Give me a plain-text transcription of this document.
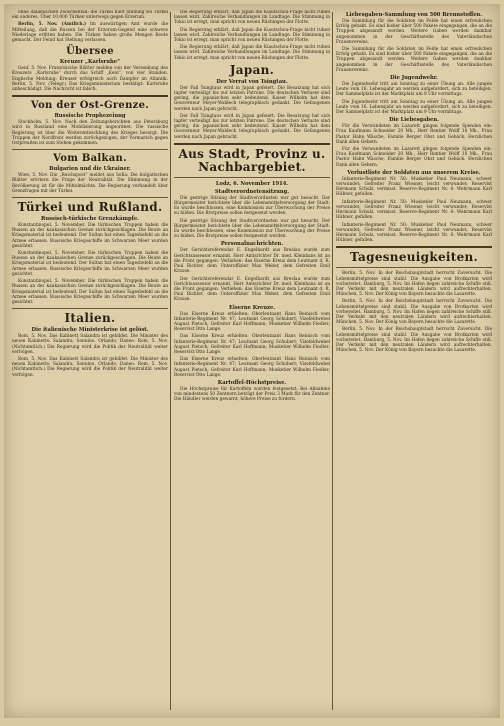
ohne italienischen Zwischenfall; die Türkei hielt Stellung sei Türkei ein anderes. Über 10.000 Türken unterwegs gegen Erzerum.

Berlin, 5. Nov. (Amtlich.) Im auswärtigen Amt wurde die Mitteilung, daß die Russen bei der Erzerum-Gegend eine schwere Niederlage erlitten haben. Die Türken haben große Mengen Beute gemacht. Der Feind hat Stellung verlassen.

Übersee
Kreuzer „Karlsruhe“

Genf, 5. Nov. Französische Blätter melden von der Versenkung des Kreuzers „Karlsruhe“ durch das Schiff „Kent“, von vier Stunden. Englische Meldung: Kreuzer erfolgreich auch Dampfer im Atlantik. Berlin, 5. Nov. (Telegr.) Das Kriegsministerium bestätigt: Karlsruhe unbeschädigt. Die Nachricht ist falsch.

Von der Ost-Grenze.
Russische Prophezeiung

Stockholm, 5. Nov. Nach den Zeitungsberichten aus Petersburg wird in Russland eine Mobilisierung angeordnet. Die russische Regierung ist über die Weiterentwicklung des Krieges besorgt. Die Truppen der Nordfront werden zurückgezogen, der Vormarsch gegen Ostpreußen ist zum Stehen gekommen.

Vom Balkan.
Bulgarien und die Ukrainer.

Wien, 5. Nov. Die „Reichspost“ meldet aus Sofia: Die bulgarischen Blätter erörtern die Frage der Neutralität. Die Stimmung in der Bevölkerung ist für die Mittelmächte. Die Regierung verhandelt über Grenzfragen mit der Türkei.

Türkei und Rußland.
Russisch-türkische Grenzkämpfe.

Konstantinopel, 5. November. Die türkischen Truppen haben die Russen an der kaukasischen Grenze zurückgeschlagen. Die Beute an Kriegsmaterial ist bedeutend. Der Sultan hat einen Tagesbefehl an die Armee erlassen. Russische Kriegsschiffe im Schwarzen Meer wurden gesichtet.

Konstantinopel, 5. November. Die türkischen Truppen haben die Russen an der kaukasischen Grenze zurückgeschlagen. Die Beute an Kriegsmaterial ist bedeutend. Der Sultan hat einen Tagesbefehl an die Armee erlassen. Russische Kriegsschiffe im Schwarzen Meer wurden gesichtet.

Konstantinopel, 5. November. Die türkischen Truppen haben die Russen an der kaukasischen Grenze zurückgeschlagen. Die Beute an Kriegsmaterial ist bedeutend. Der Sultan hat einen Tagesbefehl an die Armee erlassen. Russische Kriegsschiffe im Schwarzen Meer wurden gesichtet.

Italien.
Die italienische Ministerkrise ist gelöst.

Rom, 5. Nov. Das Kabinett Salandra ist gebildet. Die Minister des neuen Kabinetts: Salandra, Sonnino, Orlando, Daneo. Rom, 5. Nov. (Nichtamtlich.) Die Regierung wird die Politik der Neutralität weiter verfolgen.

Rom, 5. Nov. Das Kabinett Salandra ist gebildet. Die Minister des neuen Kabinetts: Salandra, Sonnino, Orlando, Daneo. Rom, 5. Nov. (Nichtamtlich.) Die Regierung wird die Politik der Neutralität weiter verfolgen.

Die Regierung erklärt, daß Japan die Kiautschou-Frage nicht ruhen lassen wird. Zahlreiche Verhandlungen im Landtage. Die Stimmung in Tokio ist erregt, man spricht von neuen Rüstungen der Flotte.

Die Regierung erklärt, daß Japan die Kiautschou-Frage nicht ruhen lassen wird. Zahlreiche Verhandlungen im Landtage. Die Stimmung in Tokio ist erregt, man spricht von neuen Rüstungen der Flotte.

Die Regierung erklärt, daß Japan die Kiautschou-Frage nicht ruhen lassen wird. Zahlreiche Verhandlungen im Landtage. Die Stimmung in Tokio ist erregt, man spricht von neuen Rüstungen der Flotte.

Japan.
Der Verrat von Tsingtau.

Der Fall Tsingtaus wird in Japan gefeiert. Die Besatzung hat sich tapfer verteidigt bis zur letzten Patrone. Die deutschen Verluste sind gering, die japanischen sehr bedeutend. Kaiser Wilhelm hat dem Gouverneur Meyer-Waldeck telegraphisch gedankt. Die Gefangenen werden nach Japan gebracht.

Der Fall Tsingtaus wird in Japan gefeiert. Die Besatzung hat sich tapfer verteidigt bis zur letzten Patrone. Die deutschen Verluste sind gering, die japanischen sehr bedeutend. Kaiser Wilhelm hat dem Gouverneur Meyer-Waldeck telegraphisch gedankt. Die Gefangenen werden nach Japan gebracht.

Aus Stadt, Provinz u. Nachbargebiet.
Lodz, 6. November 1914.
Stadtverordnetensitzung.

Die gestrige Sitzung der Stadtverordneten war gut besucht. Der Bürgermeister berichtete über die Lebensmittelversorgung der Stadt. Es wurde beschlossen, eine Kommission zur Überwachung der Preise zu bilden. Die Brotpreise sollen festgesetzt werden.

Die gestrige Sitzung der Stadtverordneten war gut besucht. Der Bürgermeister berichtete über die Lebensmittelversorgung der Stadt. Es wurde beschlossen, eine Kommission zur Überwachung der Preise zu bilden. Die Brotpreise sollen festgesetzt werden.

Personalnachrichten.

Der Gerichtsreferendar E. Engelhardt aus Breslau wurde zum Gerichtsassessor ernannt. Herr Amtsrichter Dr. med. Kleinhans ist an die Front gegangen. Verliehen: das Eiserne Kreuz dem Leutnant d. R. Paul Richter, dem Unteroffizier Max Weber, dem Gefreiten Emil Krause.

Der Gerichtsreferendar E. Engelhardt aus Breslau wurde zum Gerichtsassessor ernannt. Herr Amtsrichter Dr. med. Kleinhans ist an die Front gegangen. Verliehen: das Eiserne Kreuz dem Leutnant d. R. Paul Richter, dem Unteroffizier Max Weber, dem Gefreiten Emil Krause.

Eiserne Kreuze.

Das Eiserne Kreuz erhielten: Oberleutnant Hans Reinisch vom Infanterie-Regiment Nr. 47; Leutnant Georg Schubert; Vizefeldwebel August Pietsch; Gefreiter Karl Hoffmann; Musketier Wilhelm Fiedler; Reservist Otto Lange.

Das Eiserne Kreuz erhielten: Oberleutnant Hans Reinisch vom Infanterie-Regiment Nr. 47; Leutnant Georg Schubert; Vizefeldwebel August Pietsch; Gefreiter Karl Hoffmann; Musketier Wilhelm Fiedler; Reservist Otto Lange.

Das Eiserne Kreuz erhielten: Oberleutnant Hans Reinisch vom Infanterie-Regiment Nr. 47; Leutnant Georg Schubert; Vizefeldwebel August Pietsch; Gefreiter Karl Hoffmann; Musketier Wilhelm Fiedler; Reservist Otto Lange.

Kartoffel-Höchstpreise.

Die Höchstpreise für Kartoffeln wurden festgesetzt. Bei Abnahme von mindestens 50 Zentnern beträgt der Preis 3 Mark für den Zentner. Die Händler werden gewarnt, höhere Preise zu fordern.

Liebesgaben-Sammlung von 500 Brennstoffen.

Die Sammlung für die Soldaten im Felde hat einen erfreulichen Erfolg gehabt. Es sind bisher über 500 Pakete eingegangen, die an die Truppen abgesandt werden. Weitere Gaben werden dankbar angenommen in der Geschäftsstelle des Vaterländischen Frauenvereins.

Die Sammlung für die Soldaten im Felde hat einen erfreulichen Erfolg gehabt. Es sind bisher über 500 Pakete eingegangen, die an die Truppen abgesandt werden. Weitere Gaben werden dankbar angenommen in der Geschäftsstelle des Vaterländischen Frauenvereins.

Die Jugendwehr.

Die Jugendwehr tritt am Sonntag zu einer Übung an. Alle jungen Leute vom 16. Lebensjahr an werden aufgefordert, sich zu beteiligen. Der Sammelplatz ist der Marktplatz um 9 Uhr vormittags.

Die Jugendwehr tritt am Sonntag zu einer Übung an. Alle jungen Leute vom 16. Lebensjahr an werden aufgefordert, sich zu beteiligen. Der Sammelplatz ist der Marktplatz um 9 Uhr vormittags.

Die Liebesgaben.

Für die Verwundeten im Lazarett gingen folgende Spenden ein: Frau Kaufmann Schneider 20 Mk., Herr Rentier Wolff 10 Mk., Frau Pastor Hahn Wäsche, Familie Berger Obst und Gebäck. Herzlichen Dank allen Gebern.

Für die Verwundeten im Lazarett gingen folgende Spenden ein: Frau Kaufmann Schneider 20 Mk., Herr Rentier Wolff 10 Mk., Frau Pastor Hahn Wäsche, Familie Berger Obst und Gebäck. Herzlichen Dank allen Gebern.

Verlustliste der Soldaten aus unserem Kreise.

Infanterie-Regiment Nr. 50: Musketier Paul Neumann, schwer verwundet; Gefreiter Franz Wiesner, leicht verwundet; Reservist Hermann Schulz, vermisst. Reserve-Regiment Nr. 6: Wehrmann Karl Hübner, gefallen.

Infanterie-Regiment Nr. 50: Musketier Paul Neumann, schwer verwundet; Gefreiter Franz Wiesner, leicht verwundet; Reservist Hermann Schulz, vermisst. Reserve-Regiment Nr. 6: Wehrmann Karl Hübner, gefallen.

Infanterie-Regiment Nr. 50: Musketier Paul Neumann, schwer verwundet; Gefreiter Franz Wiesner, leicht verwundet; Reservist Hermann Schulz, vermisst. Reserve-Regiment Nr. 6: Wehrmann Karl Hübner, gefallen.

Tagesneuigkeiten.

Berlin, 5. Nov. In der Reichshauptstadt herrscht Zuversicht. Die Lebensmittelpreise sind stabil. Die Ausgabe von Brotkarten wird vorbereitet. Hamburg, 5. Nov. Im Hafen liegen zahlreiche Schiffe still. Der Verkehr mit den neutralen Ländern wird aufrechterhalten. München, 5. Nov. Der König von Bayern besuchte die Lazarette.

Berlin, 5. Nov. In der Reichshauptstadt herrscht Zuversicht. Die Lebensmittelpreise sind stabil. Die Ausgabe von Brotkarten wird vorbereitet. Hamburg, 5. Nov. Im Hafen liegen zahlreiche Schiffe still. Der Verkehr mit den neutralen Ländern wird aufrechterhalten. München, 5. Nov. Der König von Bayern besuchte die Lazarette.

Berlin, 5. Nov. In der Reichshauptstadt herrscht Zuversicht. Die Lebensmittelpreise sind stabil. Die Ausgabe von Brotkarten wird vorbereitet. Hamburg, 5. Nov. Im Hafen liegen zahlreiche Schiffe still. Der Verkehr mit den neutralen Ländern wird aufrechterhalten. München, 5. Nov. Der König von Bayern besuchte die Lazarette.
